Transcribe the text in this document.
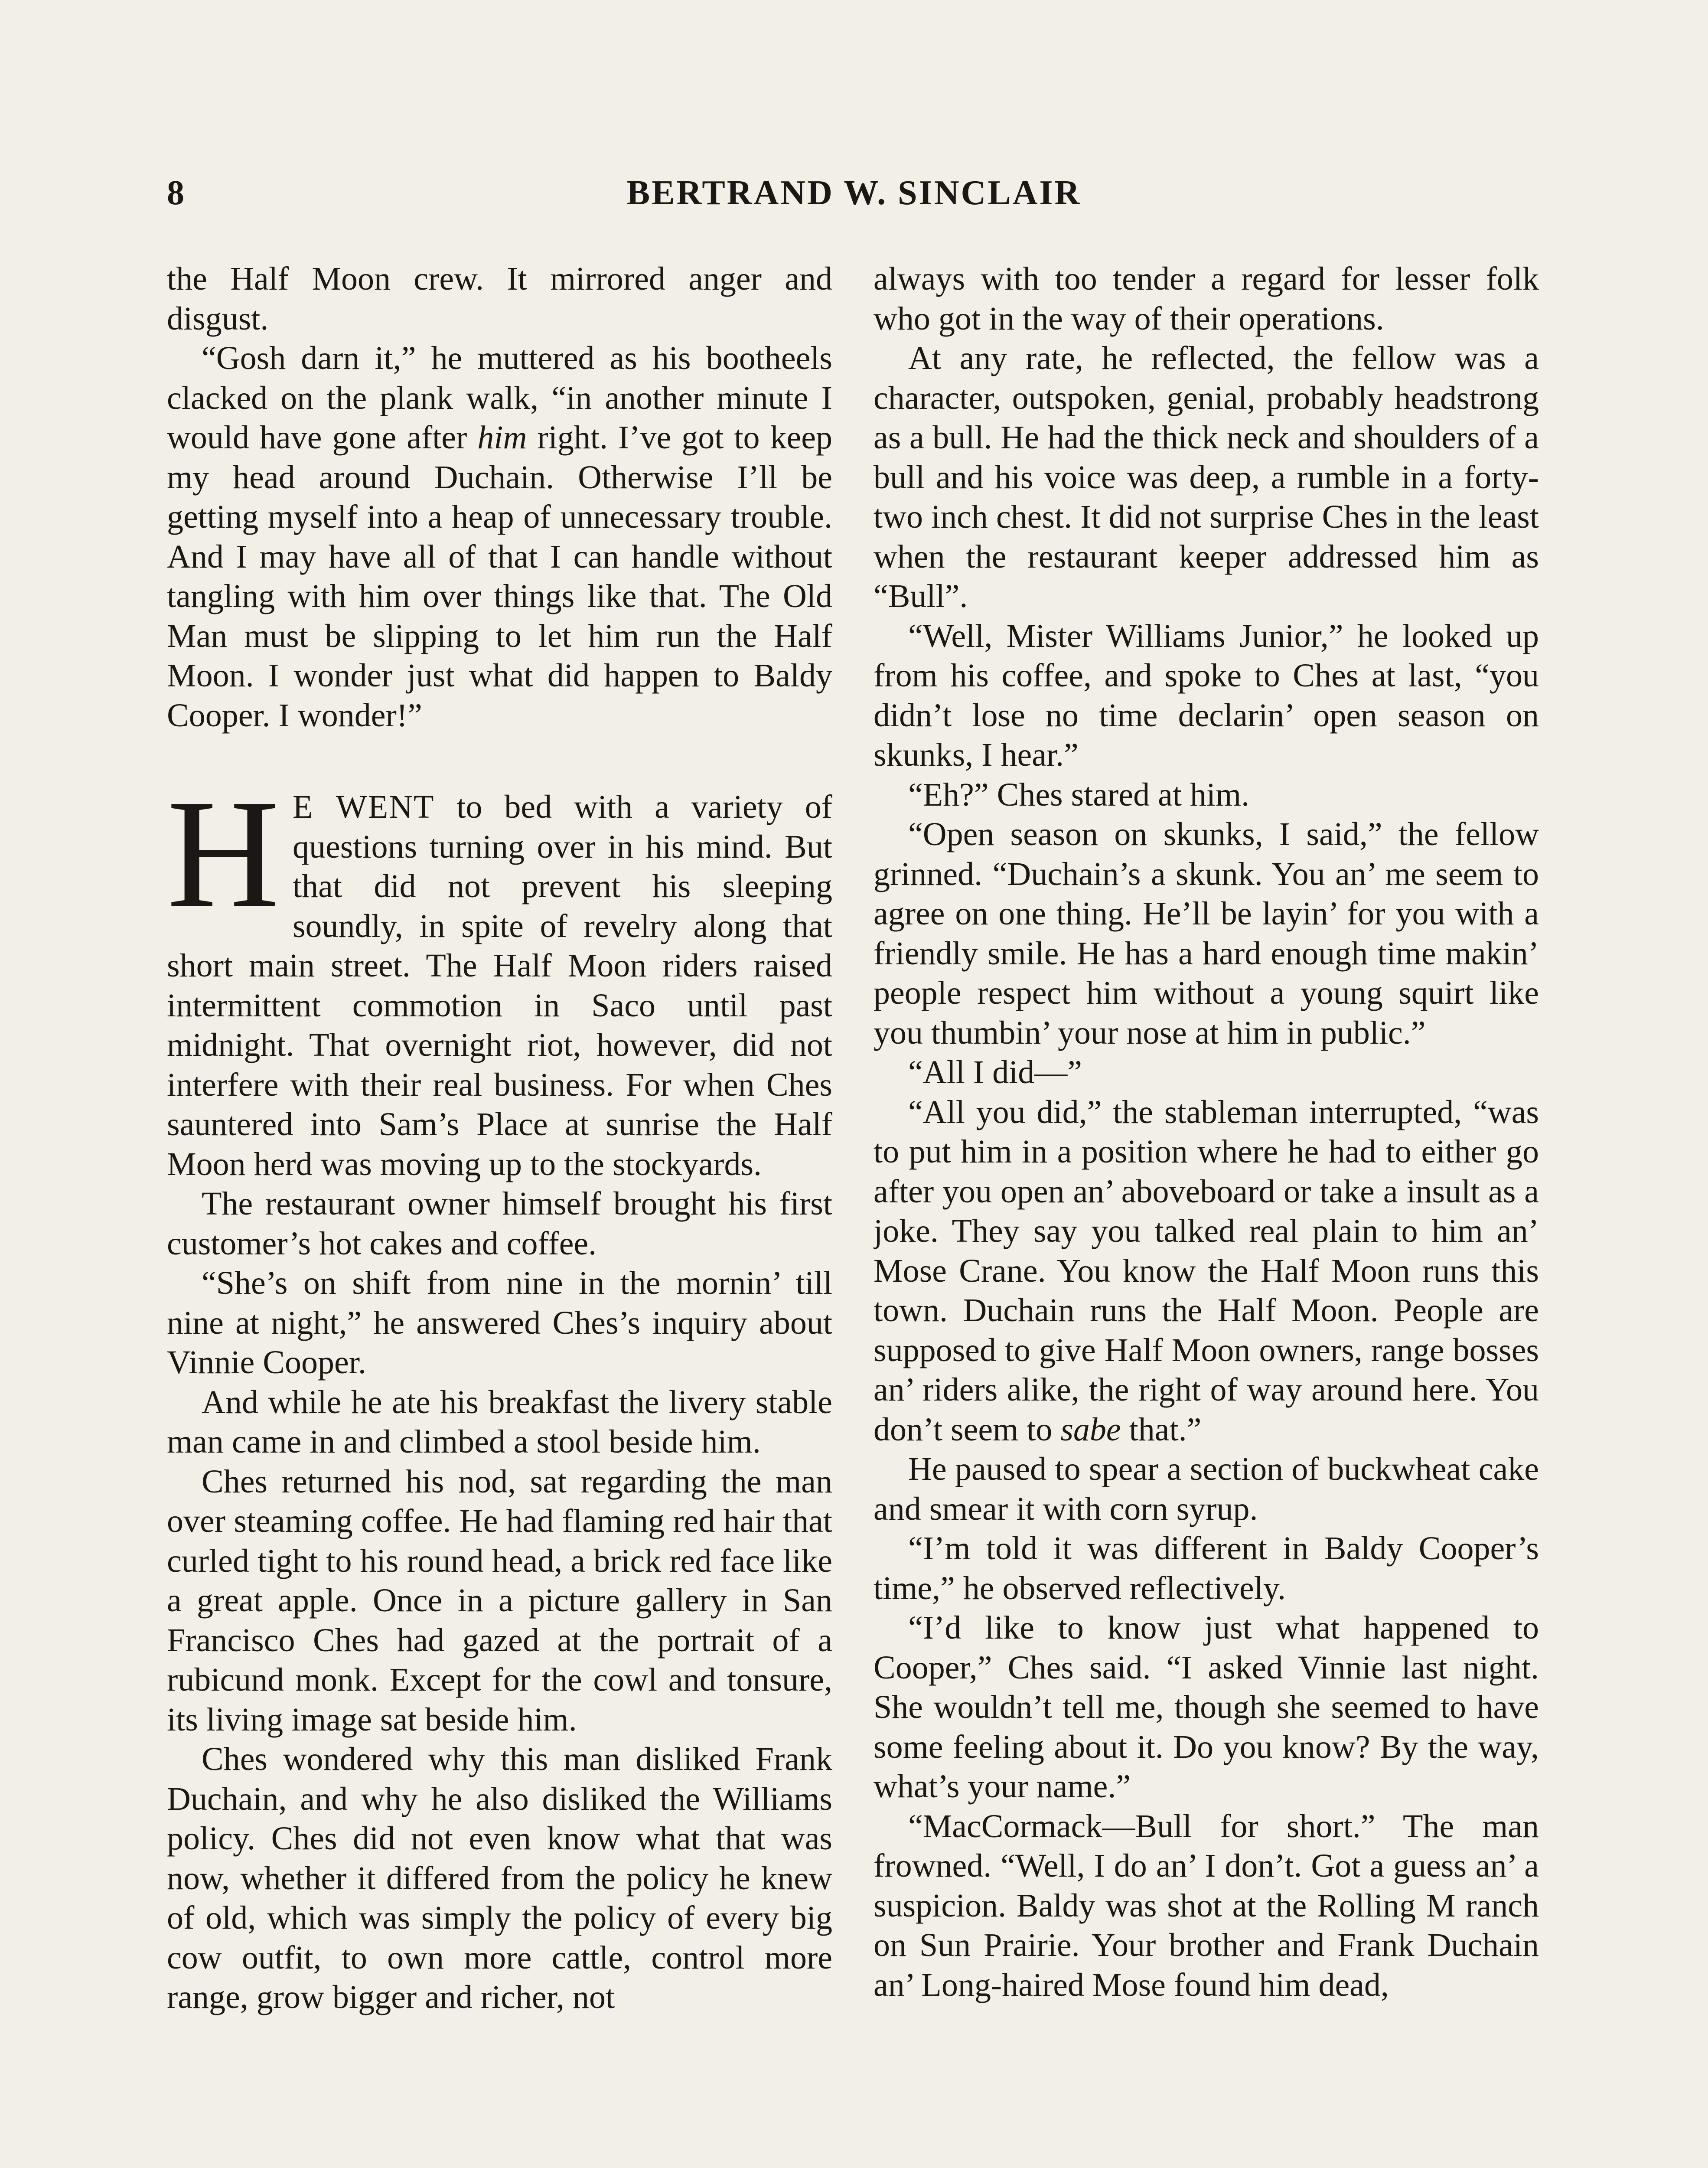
8	BERTRAND W. SINCLAIR

the Half Moon crew. It mirrored anger and disgust.

“Gosh darn it,” he muttered as his bootheels clacked on the plank walk, “in another minute I would have gone after him right. I’ve got to keep my head around Duchain. Otherwise I’ll be getting myself into a heap of unnecessary trouble. And I may have all of that I can handle without tangling with him over things like that. The Old Man must be slipping to let him run the Half Moon. I wonder just what did happen to Baldy Cooper. I wonder!”

H E WENT to bed with a variety of questions turning over in his mind. But that did not prevent his sleeping soundly, in spite of revelry along that short main street. The Half Moon riders raised intermittent commotion in Saco until past midnight. That overnight riot, however, did not interfere with their real business. For when Ches sauntered into Sam’s Place at sunrise the Half Moon herd was moving up to the stockyards.

The restaurant owner himself brought his first customer’s hot cakes and coffee.

“She’s on shift from nine in the mornin’ till nine at night,” he answered Ches’s inquiry about Vinnie Cooper.

And while he ate his breakfast the livery stable man came in and climbed a stool beside him.

Ches returned his nod, sat regarding the man over steaming coffee. He had flaming red hair that curled tight to his round head, a brick red face like a great apple. Once in a picture gallery in San Francisco Ches had gazed at the portrait of a rubicund monk. Except for the cowl and tonsure, its living image sat beside him.

Ches wondered why this man disliked Frank Duchain, and why he also disliked the Williams policy. Ches did not even know what that was now, whether it differed from the policy he knew of old, which was simply the policy of every big cow outfit, to own more cattle, control more range, grow bigger and richer, not

always with too tender a regard for lesser folk who got in the way of their operations.

At any rate, he reflected, the fellow was a character, outspoken, genial, probably headstrong as a bull. He had the thick neck and shoulders of a bull and his voice was deep, a rumble in a forty-two inch chest. It did not surprise Ches in the least when the restaurant keeper addressed him as “Bull”.

“Well, Mister Williams Junior,” he looked up from his coffee, and spoke to Ches at last, “you didn’t lose no time declarin’ open season on skunks, I hear.”

“Eh?” Ches stared at him.

“Open season on skunks, I said,” the fellow grinned. “Duchain’s a skunk. You an’ me seem to agree on one thing. He’ll be layin’ for you with a friendly smile. He has a hard enough time makin’ people respect him without a young squirt like you thumbin’ your nose at him in public.”

“All I did—”

“All you did,” the stableman interrupted, “was to put him in a position where he had to either go after you open an’ aboveboard or take a insult as a joke. They say you talked real plain to him an’ Mose Crane. You know the Half Moon runs this town. Duchain runs the Half Moon. People are supposed to give Half Moon owners, range bosses an’ riders alike, the right of way around here. You don’t seem to sabe that.”

He paused to spear a section of buckwheat cake and smear it with corn syrup.

“I’m told it was different in Baldy Cooper’s time,” he observed reflectively.

“I’d like to know just what happened to Cooper,” Ches said. “I asked Vinnie last night. She wouldn’t tell me, though she seemed to have some feeling about it. Do you know? By the way, what’s your name.”

“MacCormack—Bull for short.” The man frowned. “Well, I do an’ I don’t. Got a guess an’ a suspicion. Baldy was shot at the Rolling M ranch on Sun Prairie. Your brother and Frank Duchain an’ Long-haired Mose found him dead,
